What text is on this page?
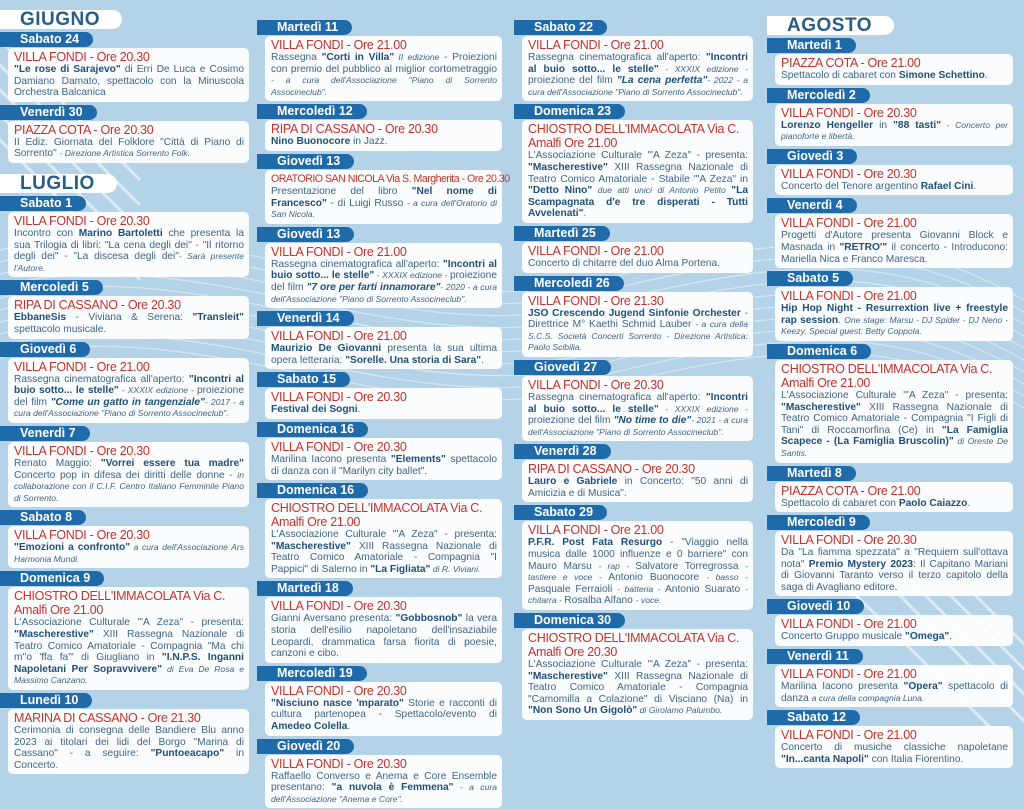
GIUGNO
Sabato 24
VILLA FONDI - Ore 20.30
"Le rose di Sarajevo" di Erri De Luca e Cosimo Damiano Damato, spettacolo con la Minuscola Orchestra Balcanica
Venerdì 30
PIAZZA COTA - Ore 20.30
II Ediz. Giornata del Folklore "Città di Piano di Sorrento" - Direzione Artistica Sorrento Folk.
LUGLIO
Sabato 1
VILLA FONDI - Ore 20.30
Incontro con Marino Bartoletti che presenta la sua Trilogia di libri: "La cena degli dei" - "Il ritorno degli dei" - "La discesa degli dei"- Sarà presente l'Autore.
Mercoledì 5
RIPA DI CASSANO - Ore 20.30
EbbaneSis - Viviana & Serena: "Transleit" spettacolo musicale.
Giovedì 6
VILLA FONDI - Ore 21.00
Rassegna cinematografica all'aperto: "Incontri al buio sotto... le stelle" - XXXIX edizione - proiezione del film "Come un gatto in tangenziale"- 2017 - a cura dell'Associazione "Piano di Sorrento Associneclub".
Venerdì 7
VILLA FONDI - Ore 20.30
Renato Maggio: "Vorrei essere tua madre" Concerto pop in difesa dei diritti delle donne - in collaborazione con il C.I.F. Centro Italiano Femminile Piano di Sorrento.
Sabato 8
VILLA FONDI - Ore 20.30
"Emozioni a confronto" a cura dell'Associazione Ars Harmonia Mundi.
Domenica 9
CHIOSTRO DELL'IMMACOLATA Via C. Amalfi Ore 21.00
L'Associazione Culturale "'A Zeza" - presenta: "Mascherestive" XIII Rassegna Nazionale di Teatro Comico Amatoriale - Compagnia "Ma chi m''o 'ffa fa'" di Giugliano in "I.N.P.S. Inganni Napoletani Per Sopravvivere" di Eva De Rosa e Massimo Canzano.
Lunedì 10
MARINA DI CASSANO - Ore 21.30
Cerimonia di consegna delle Bandiere Blu anno 2023 ai titolari dei lidi del Borgo "Marina di Cassano" - a seguire: "Puntoeacapo" in Concerto.
Martedì 11
VILLA FONDI - Ore 21.00
Rassegna "Corti in Villa" II edizione - Proiezioni con premio del pubblico al miglior cortometraggio - a cura dell'Associazione "Piano di Sorrento Associneclub".
Mercoledì 12
RIPA DI CASSANO - Ore 20.30
Nino Buonocore in Jazz.
Giovedì 13
ORATORIO SAN NICOLA Via S. Margherita - Ore 20.30
Presentazione del libro "Nel nome di Francesco" - di Luigi Russo - a cura dell'Oratorio di San Nicola.
Giovedì 13
VILLA FONDI - Ore 21.00
Rassegna cinematografica all'aperto: "Incontri al buio sotto... le stelle" - XXXIX edizione - proiezione del film "7 ore per farti innamorare"- 2020 - a cura dell'Associazione "Piano di Sorrento Associneclub".
Venerdì 14
VILLA FONDI - Ore 21.00
Maurizio De Giovanni presenta la sua ultima opera letteraria: "Sorelle. Una storia di Sara".
Sabato 15
VILLA FONDI - Ore 20.30
Festival dei Sogni.
Domenica 16
VILLA FONDI - Ore 20.30
Marilina Iacono presenta "Elements" spettacolo di danza con il "Marilyn city ballet".
Domenica 16
CHIOSTRO DELL'IMMACOLATA Via C. Amalfi Ore 21.00
L'Associazione Culturale "'A Zeza" - presenta: "Mascherestive" XIII Rassegna Nazionale di Teatro Comico Amatoriale - Compagnia "I Pappici" di Salerno in "La Figliata" di R. Viviani.
Martedì 18
VILLA FONDI - Ore 20.30
Gianni Aversano presenta: "Gobbosnob" la vera storia dell'esilio napoletano dell'insaziabile Leopardi, drammatica farsa fiorita di poesie, canzoni e cibo.
Mercoledì 19
VILLA FONDI - Ore 20.30
"Nisciuno nasce 'mparato" Storie e racconti di cultura partenopea - Spettacolo/evento di Amedeo Colella.
Giovedì 20
VILLA FONDI - Ore 20.30
Raffaello Converso e Anema e Core Ensemble presentano: "a nuvola è Femmena" - a cura dell'Associazione "Anema e Core".
Sabato 22
VILLA FONDI - Ore 21.00
Rassegna cinematografica all'aperto: "Incontri al buio sotto... le stelle" - XXXIX edizione - proiezione del film "La cena perfetta"- 2022 - a cura dell'Associazione "Piano di Sorrento Associneclub".
Domenica 23
CHIOSTRO DELL'IMMACOLATA Via C. Amalfi Ore 21.00
L'Associazione Culturale "'A Zeza" - presenta: "Mascherestive" XIII Rassegna Nazionale di Teatro Comico Amatoriale - Stabile "'A Zeza" in "Detto Nino" due atti unici di Antonio Petito "La Scampagnata d'e tre disperati - Tutti Avvelenati".
Martedì 25
VILLA FONDI - Ore 21.00
Concerto di chitarre del duo Alma Portena.
Mercoledì 26
VILLA FONDI - Ore 21.30
JSO Crescendo Jugend Sinfonie Orchester - Direttrice M° Kaethi Schmid Lauber - a cura della S.C.S. Società Concerti Sorrento - Direzione Artistica: Paolo Scibilia.
Giovedì 27
VILLA FONDI - Ore 20.30
Rassegna cinematografica all'aperto: "Incontri al buio sotto... le stelle" - XXXIX edizione - proiezione del film "No time to die"- 2021 - a cura dell'Associazione "Piano di Sorrento Associneclub".
Venerdì 28
RIPA DI CASSANO - Ore 20.30
Lauro e Gabriele in Concerto: "50 anni di Amicizia e di Musica".
Sabato 29
VILLA FONDI - Ore 21.00
P.F.R. Post Fata Resurgo - "Viaggio nella musica dalle 1000 influenze e 0 barriere" con Mauro Marsu - rap - Salvatore Torregrossa - tastiere e voce - Antonio Buonocore - basso - Pasquale Ferraioli - batteria - Antonio Suarato - chitarra - Rosalba Alfano - voce.
Domenica 30
CHIOSTRO DELL'IMMACOLATA Via C. Amalfi Ore 20.30
L'Associazione Culturale "'A Zeza" - presenta: "Mascherestive" XIII Rassegna Nazionale di Teatro Comico Amatoriale - Compagnia "Camomilla a Colazione" di Visciano (Na) in "Non Sono Un Gigolò" di Girolamo Palumbo.
AGOSTO
Martedì 1
PIAZZA COTA - Ore 21.00
Spettacolo di cabaret con Simone Schettino.
Mercoledì 2
VILLA FONDI - Ore 20.30
Lorenzo Hengeller in "88 tasti" - Concerto per pianoforte e libertà.
Giovedì 3
VILLA FONDI - Ore 20.30
Concerto del Tenore argentino Rafael Cini.
Venerdì 4
VILLA FONDI - Ore 21.00
Progetti d'Autore presenta Giovanni Block e Masnada in "RETRO'" il concerto - Introducono: Mariella Nica e Franco Maresca.
Sabato 5
VILLA FONDI - Ore 21.00
Hip Hop Night - Resurrextion live + freestyle rap session. One stage: Marsu - DJ Spider - DJ Neno - Keezy. Special guest: Betty Coppola.
Domenica 6
CHIOSTRO DELL'IMMACOLATA Via C. Amalfi Ore 21.00
L'Associazione Culturale "'A Zeza" - presenta: "Mascherestive" XIII Rassegna Nazionale di Teatro Comico Amatoriale - Compagnia "I Figli di Tani" di Roccamorfina (Ce) in "La Famiglia Scapece - (La Famiglia Bruscolin)" di Oreste De Santis.
Martedì 8
PIAZZA COTA - Ore 21.00
Spettacolo di cabaret con Paolo Caiazzo.
Mercoledì 9
VILLA FONDI - Ore 20.30
Da "La fiamma spezzata" a "Requiem sull'ottava nota" Premio Mystery 2023: Il Capitano Mariani di Giovanni Taranto verso il terzo capitolo della saga di Avagliano editore.
Giovedì 10
VILLA FONDI - Ore 21.00
Concerto Gruppo musicale "Omega".
Venerdì 11
VILLA FONDI - Ore 21.00
Marilina Iacono presenta "Opera" spettacolo di danza a cura della compagnia Luna.
Sabato 12
VILLA FONDI - Ore 21.00
Concerto di musiche classiche napoletane "In...canta Napoli" con Italia Fiorentino.
